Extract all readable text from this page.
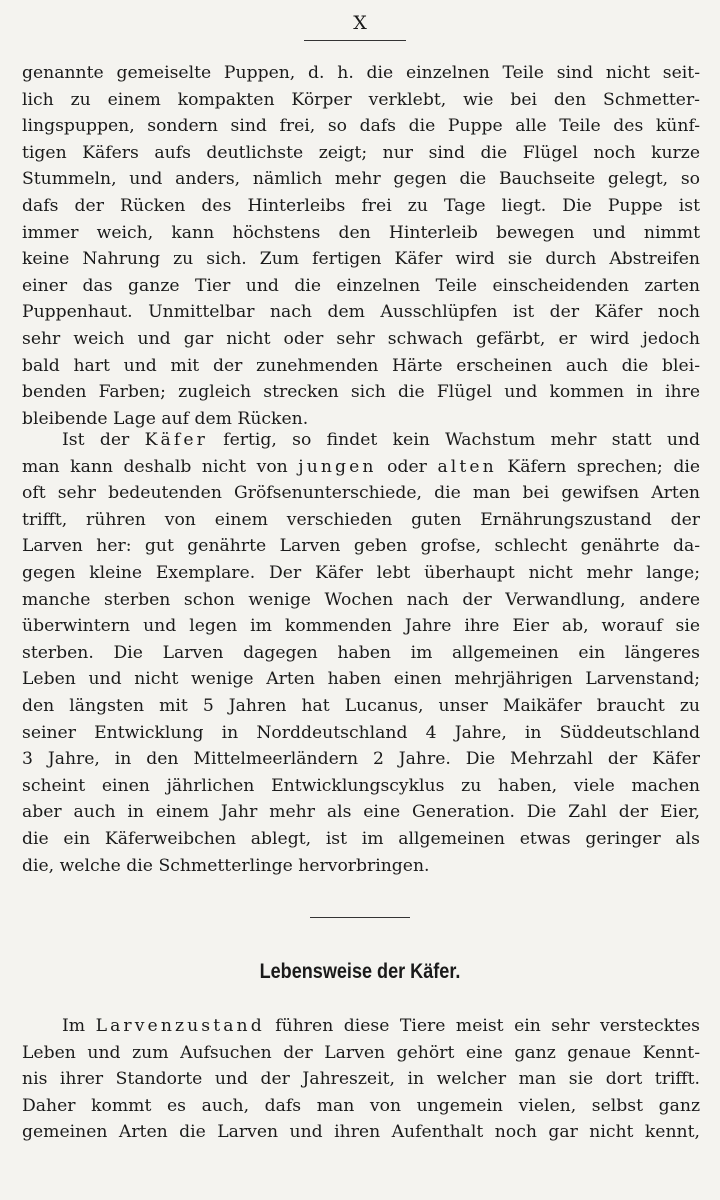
X
genannte gemeiselte Puppen, d. h. die einzelnen Teile sind nicht seit-
lich zu einem kompakten Körper verklebt, wie bei den Schmetter-
lingspuppen, sondern sind frei, so dafs die Puppe alle Teile des künf-
tigen Käfers aufs deutlichste zeigt; nur sind die Flügel noch kurze
Stummeln, und anders, nämlich mehr gegen die Bauchseite gelegt, so
dafs der Rücken des Hinterleibs frei zu Tage liegt. Die Puppe ist
immer weich, kann höchstens den Hinterleib bewegen und nimmt
keine Nahrung zu sich. Zum fertigen Käfer wird sie durch Abstreifen
einer das ganze Tier und die einzelnen Teile einscheidenden zarten
Puppenhaut. Unmittelbar nach dem Ausschlüpfen ist der Käfer noch
sehr weich und gar nicht oder sehr schwach gefärbt, er wird jedoch
bald hart und mit der zunehmenden Härte erscheinen auch die blei-
benden Farben; zugleich strecken sich die Flügel und kommen in ihre
bleibende Lage auf dem Rücken.
Ist der Käfer fertig, so findet kein Wachstum mehr statt und
man kann deshalb nicht von jungen oder alten Käfern sprechen; die
oft sehr bedeutenden Gröfsenunterschiede, die man bei gewifsen Arten
trifft, rühren von einem verschieden guten Ernährungszustand der
Larven her: gut genährte Larven geben grofse, schlecht genährte da-
gegen kleine Exemplare. Der Käfer lebt überhaupt nicht mehr lange;
manche sterben schon wenige Wochen nach der Verwandlung, andere
überwintern und legen im kommenden Jahre ihre Eier ab, worauf sie
sterben. Die Larven dagegen haben im allgemeinen ein längeres
Leben und nicht wenige Arten haben einen mehrjährigen Larvenstand;
den längsten mit 5 Jahren hat Lucanus, unser Maikäfer braucht zu
seiner Entwicklung in Norddeutschland 4 Jahre, in Süddeutschland
3 Jahre, in den Mittelmeerländern 2 Jahre. Die Mehrzahl der Käfer
scheint einen jährlichen Entwicklungscyklus zu haben, viele machen
aber auch in einem Jahr mehr als eine Generation. Die Zahl der Eier,
die ein Käferweibchen ablegt, ist im allgemeinen etwas geringer als
die, welche die Schmetterlinge hervorbringen.
Lebensweise der Käfer.
Im Larvenzustand führen diese Tiere meist ein sehr verstecktes
Leben und zum Aufsuchen der Larven gehört eine ganz genaue Kennt-
nis ihrer Standorte und der Jahreszeit, in welcher man sie dort trifft.
Daher kommt es auch, dafs man von ungemein vielen, selbst ganz
gemeinen Arten die Larven und ihren Aufenthalt noch gar nicht kennt,
